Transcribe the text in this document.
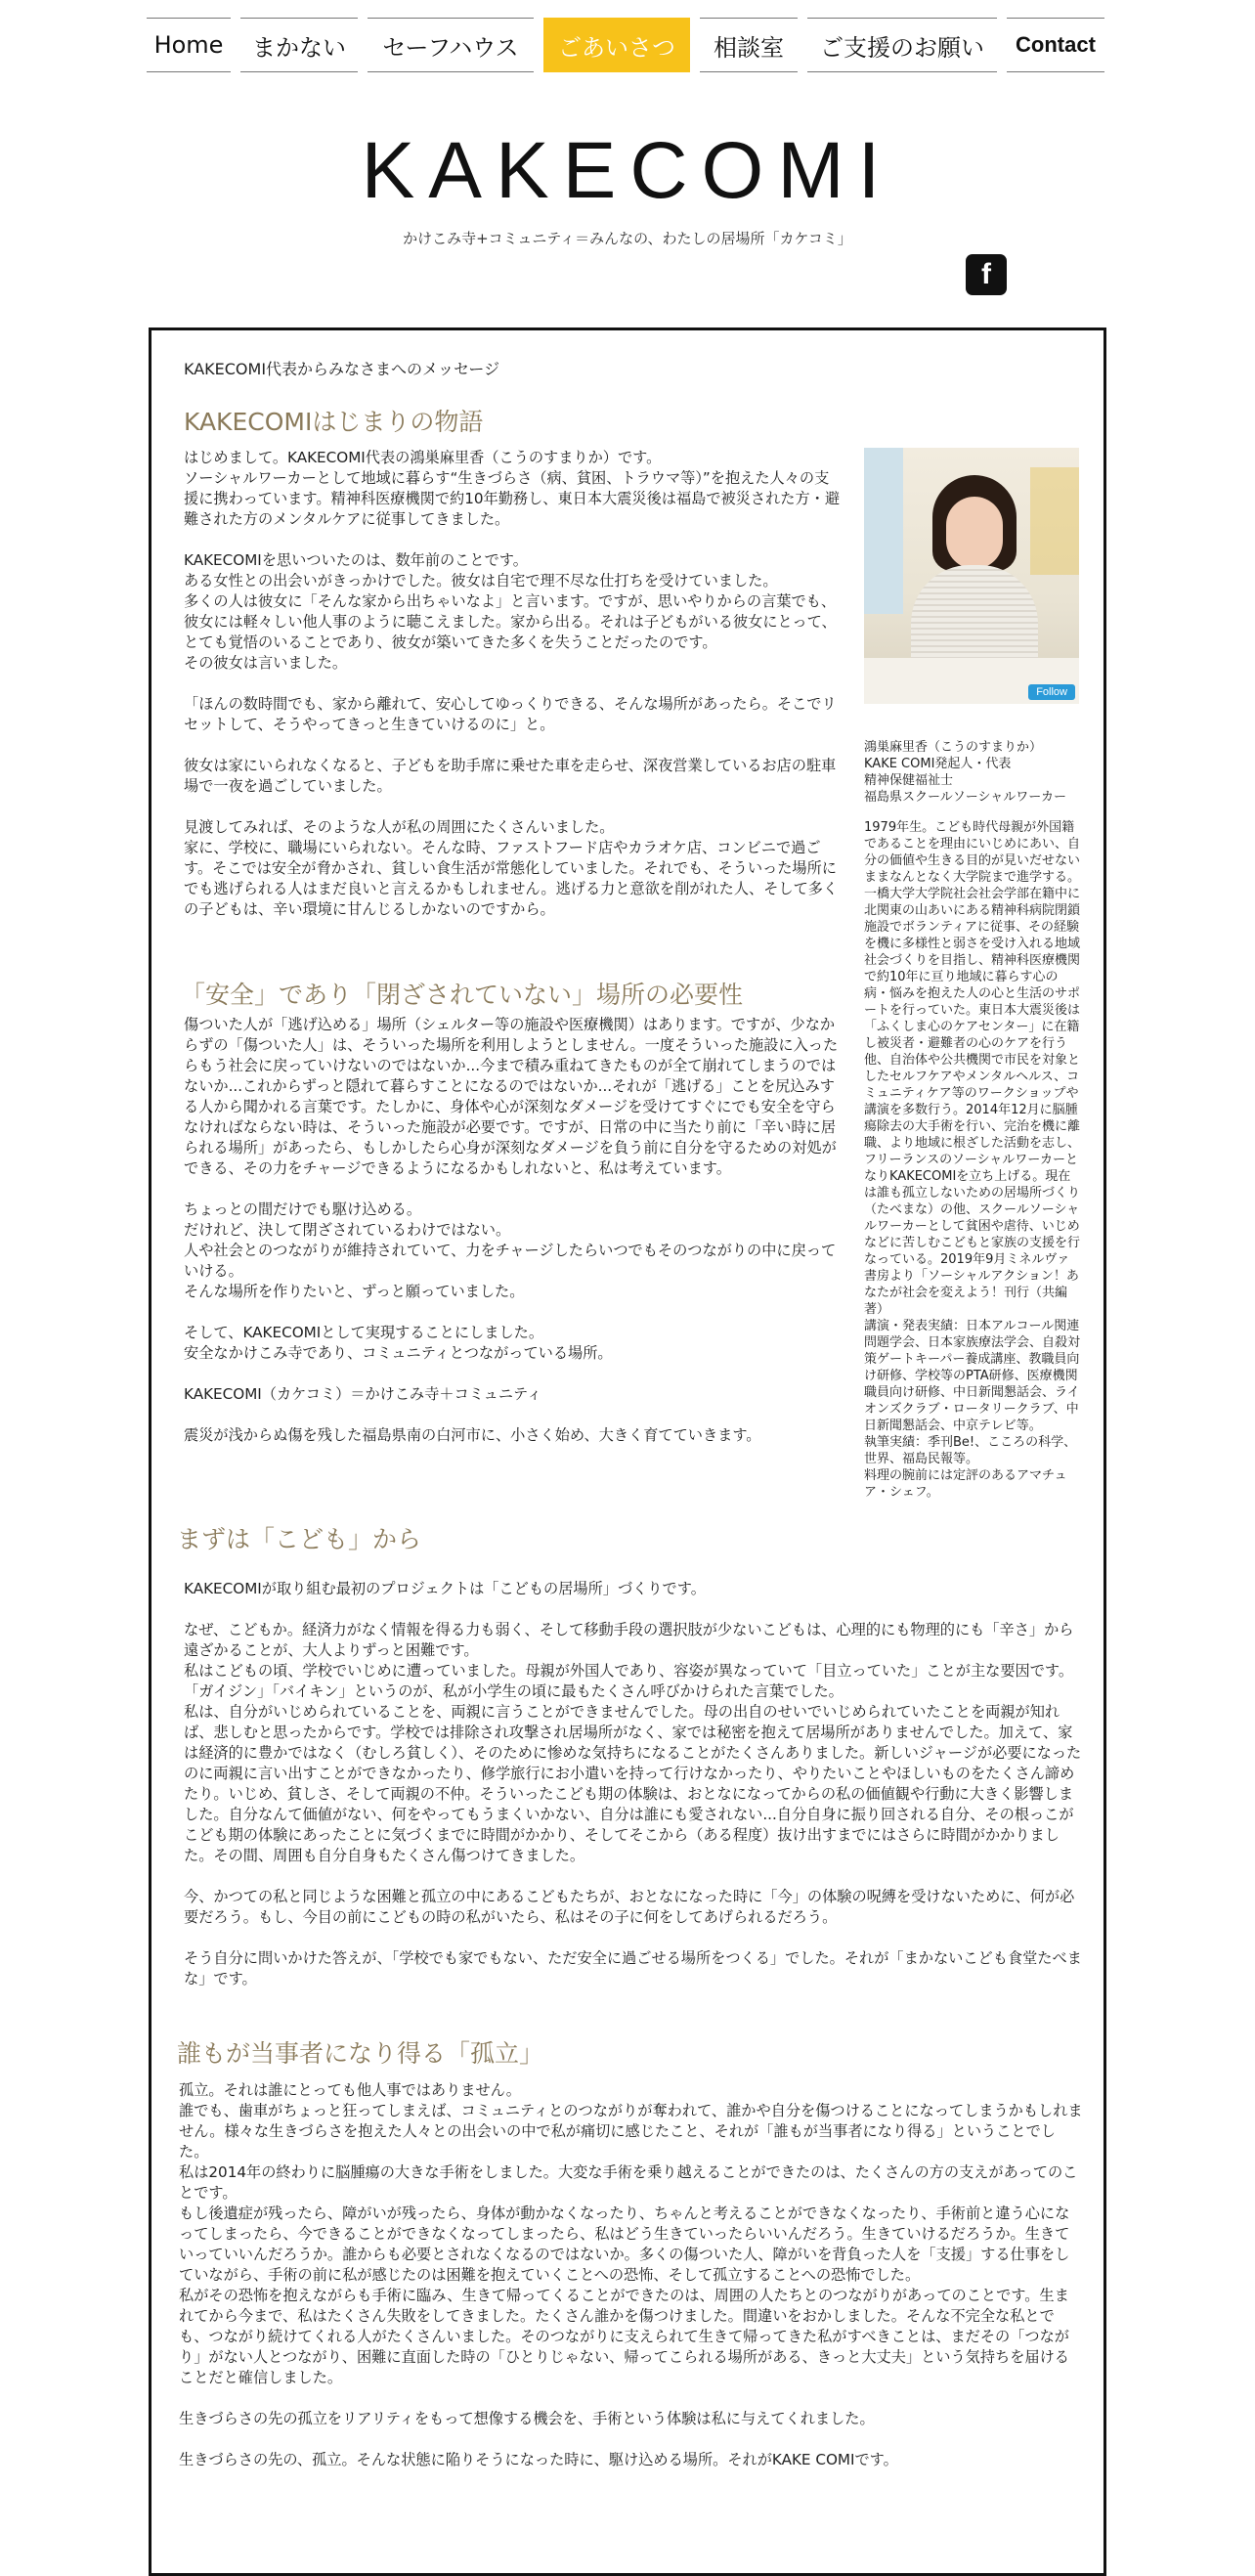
Home まかない セーフハウス ごあいさつ 相談室 ご支援のお願い Contact
KAKECOMI
かけこみ寺+コミュニティ＝みんなの、わたしの居場所「カケコミ」
f
KAKECOMI代表からみなさまへのメッセージ
KAKECOMIはじまりの物語
はじめまして。KAKECOMI代表の鴻巣麻里香（こうのすまりか）です。
ソーシャルワーカーとして地域に暮らす“生きづらさ（病、貧困、トラウマ等）”を抱えた人々の支援に携わっています。精神科医療機関で約10年勤務し、東日本大震災後は福島で被災された方・避難された方のメンタルケアに従事してきました。

KAKECOMIを思いついたのは、数年前のことです。
ある女性との出会いがきっかけでした。彼女は自宅で理不尽な仕打ちを受けていました。
多くの人は彼女に「そんな家から出ちゃいなよ」と言います。ですが、思いやりからの言葉でも、彼女には軽々しい他人事のように聴こえました。家から出る。それは子どもがいる彼女にとって、とても覚悟のいることであり、彼女が築いてきた多くを失うことだったのです。
その彼女は言いました。

「ほんの数時間でも、家から離れて、安心してゆっくりできる、そんな場所があったら。そこでリセットして、そうやってきっと生きていけるのに」と。

彼女は家にいられなくなると、子どもを助手席に乗せた車を走らせ、深夜営業しているお店の駐車場で一夜を過ごしていました。

見渡してみれば、そのような人が私の周囲にたくさんいました。
家に、学校に、職場にいられない。そんな時、ファストフード店やカラオケ店、コンビニで過ごす。そこでは安全が脅かされ、貧しい食生活が常態化していました。それでも、そういった場所にでも逃げられる人はまだ良いと言えるかもしれません。逃げる力と意欲を削がれた人、そして多くの子どもは、辛い環境に甘んじるしかないのですから。
Follow
鴻巣麻里香（こうのすまりか）
KAKE COMI発起人・代表
精神保健福祉士
福島県スクールソーシャルワーカー
1979年生。こども時代母親が外国籍であることを理由にいじめにあい、自分の価値や生きる目的が見いだせないままなんとなく大学院まで進学する。一橋大学大学院社会社会学部在籍中に北関東の山あいにある精神科病院閉鎖施設でボランティアに従事、その経験を機に多様性と弱さを受け入れる地域社会づくりを目指し、精神科医療機関で約10年に亘り地域に暮らす心の病・悩みを抱えた人の心と生活のサポートを行っていた。東日本大震災後は「ふくしま心のケアセンター」に在籍し被災者・避難者の心のケアを行う他、自治体や公共機関で市民を対象としたセルフケアやメンタルヘルス、コミュニティケア等のワークショップや講演を多数行う。2014年12月に脳腫瘍除去の大手術を行い、完治を機に離職、より地域に根ざした活動を志し、フリーランスのソーシャルワーカーとなりKAKECOMIを立ち上げる。現在は誰も孤立しないための居場所づくり（たべまな）の他、スクールソーシャルワーカーとして貧困や虐待、いじめなどに苦しむこどもと家族の支援を行なっている。2019年9月ミネルヴァ書房より「ソーシャルアクション！あなたが社会を変えよう！刊行（共編著）
講演・発表実績：日本アルコール関連問題学会、日本家族療法学会、自殺対策ゲートキーパー養成講座、教職員向け研修、学校等のPTA研修、医療機関職員向け研修、中日新聞懇話会、ライオンズクラブ・ロータリークラブ、中日新聞懇話会、中京テレビ等。
執筆実績：季刊Be!、こころの科学、世界、福島民報等。
料理の腕前には定評のあるアマチュア・シェフ。
「安全」であり「閉ざされていない」場所の必要性
傷ついた人が「逃げ込める」場所（シェルター等の施設や医療機関）はあります。ですが、少なからずの「傷ついた人」は、そういった場所を利用しようとしません。一度そういった施設に入ったらもう社会に戻っていけないのではないか...今まで積み重ねてきたものが全て崩れてしまうのではないか...これからずっと隠れて暮らすことになるのではないか...それが「逃げる」ことを尻込みする人から聞かれる言葉です。たしかに、身体や心が深刻なダメージを受けてすぐにでも安全を守らなければならない時は、そういった施設が必要です。ですが、日常の中に当たり前に「辛い時に居られる場所」があったら、もしかしたら心身が深刻なダメージを負う前に自分を守るための対処ができる、その力をチャージできるようになるかもしれないと、私は考えています。

ちょっとの間だけでも駆け込める。
だけれど、決して閉ざされているわけではない。
人や社会とのつながりが維持されていて、力をチャージしたらいつでもそのつながりの中に戻っていける。
そんな場所を作りたいと、ずっと願っていました。

そして、KAKECOMIとして実現することにしました。
安全なかけこみ寺であり、コミュニティとつながっている場所。

KAKECOMI（カケコミ）＝かけこみ寺＋コミュニティ

震災が浅からぬ傷を残した福島県南の白河市に、小さく始め、大きく育てていきます。
まずは「こども」から
KAKECOMIが取り組む最初のプロジェクトは「こどもの居場所」づくりです。

なぜ、こどもか。経済力がなく情報を得る力も弱く、そして移動手段の選択肢が少ないこどもは、心理的にも物理的にも「辛さ」から遠ざかることが、大人よりずっと困難です。
私はこどもの頃、学校でいじめに遭っていました。母親が外国人であり、容姿が異なっていて「目立っていた」ことが主な要因です。「ガイジン」「バイキン」というのが、私が小学生の頃に最もたくさん呼びかけられた言葉でした。
私は、自分がいじめられていることを、両親に言うことができませんでした。母の出自のせいでいじめられていたことを両親が知れば、悲しむと思ったからです。学校では排除され攻撃され居場所がなく、家では秘密を抱えて居場所がありませんでした。加えて、家は経済的に豊かではなく（むしろ貧しく）、そのために惨めな気持ちになることがたくさんありました。新しいジャージが必要になったのに両親に言い出すことができなかったり、修学旅行にお小遣いを持って行けなかったり、やりたいことやほしいものをたくさん諦めたり。いじめ、貧しさ、そして両親の不仲。そういったこども期の体験は、おとなになってからの私の価値観や行動に大きく影響しました。自分なんて価値がない、何をやってもうまくいかない、自分は誰にも愛されない...自分自身に振り回される自分、その根っこがこども期の体験にあったことに気づくまでに時間がかかり、そしてそこから（ある程度）抜け出すまでにはさらに時間がかかりました。その間、周囲も自分自身もたくさん傷つけてきました。

今、かつての私と同じような困難と孤立の中にあるこどもたちが、おとなになった時に「今」の体験の呪縛を受けないために、何が必要だろう。もし、今目の前にこどもの時の私がいたら、私はその子に何をしてあげられるだろう。

そう自分に問いかけた答えが、「学校でも家でもない、ただ安全に過ごせる場所をつくる」でした。それが「まかないこども食堂たべまな」です。
誰もが当事者になり得る「孤立」
孤立。それは誰にとっても他人事ではありません。
誰でも、歯車がちょっと狂ってしまえば、コミュニティとのつながりが奪われて、誰かや自分を傷つけることになってしまうかもしれません。様々な生きづらさを抱えた人々との出会いの中で私が痛切に感じたこと、それが「誰もが当事者になり得る」ということでした。
私は2014年の終わりに脳腫瘍の大きな手術をしました。大変な手術を乗り越えることができたのは、たくさんの方の支えがあってのことです。
もし後遺症が残ったら、障がいが残ったら、身体が動かなくなったり、ちゃんと考えることができなくなったり、手術前と違う心になってしまったら、今できることができなくなってしまったら、私はどう生きていったらいいんだろう。生きていけるだろうか。生きていっていいんだろうか。誰からも必要とされなくなるのではないか。多くの傷ついた人、障がいを背負った人を「支援」する仕事をしていながら、手術の前に私が感じたのは困難を抱えていくことへの恐怖、そして孤立することへの恐怖でした。
私がその恐怖を抱えながらも手術に臨み、生きて帰ってくることができたのは、周囲の人たちとのつながりがあってのことです。生まれてから今まで、私はたくさん失敗をしてきました。たくさん誰かを傷つけました。間違いをおかしました。そんな不完全な私とでも、つながり続けてくれる人がたくさんいました。そのつながりに支えられて生きて帰ってきた私がすべきことは、まだその「つながり」がない人とつながり、困難に直面した時の「ひとりじゃない、帰ってこられる場所がある、きっと大丈夫」という気持ちを届けることだと確信しました。

生きづらさの先の孤立をリアリティをもって想像する機会を、手術という体験は私に与えてくれました。

生きづらさの先の、孤立。そんな状態に陥りそうになった時に、駆け込める場所。それがKAKE COMIです。
